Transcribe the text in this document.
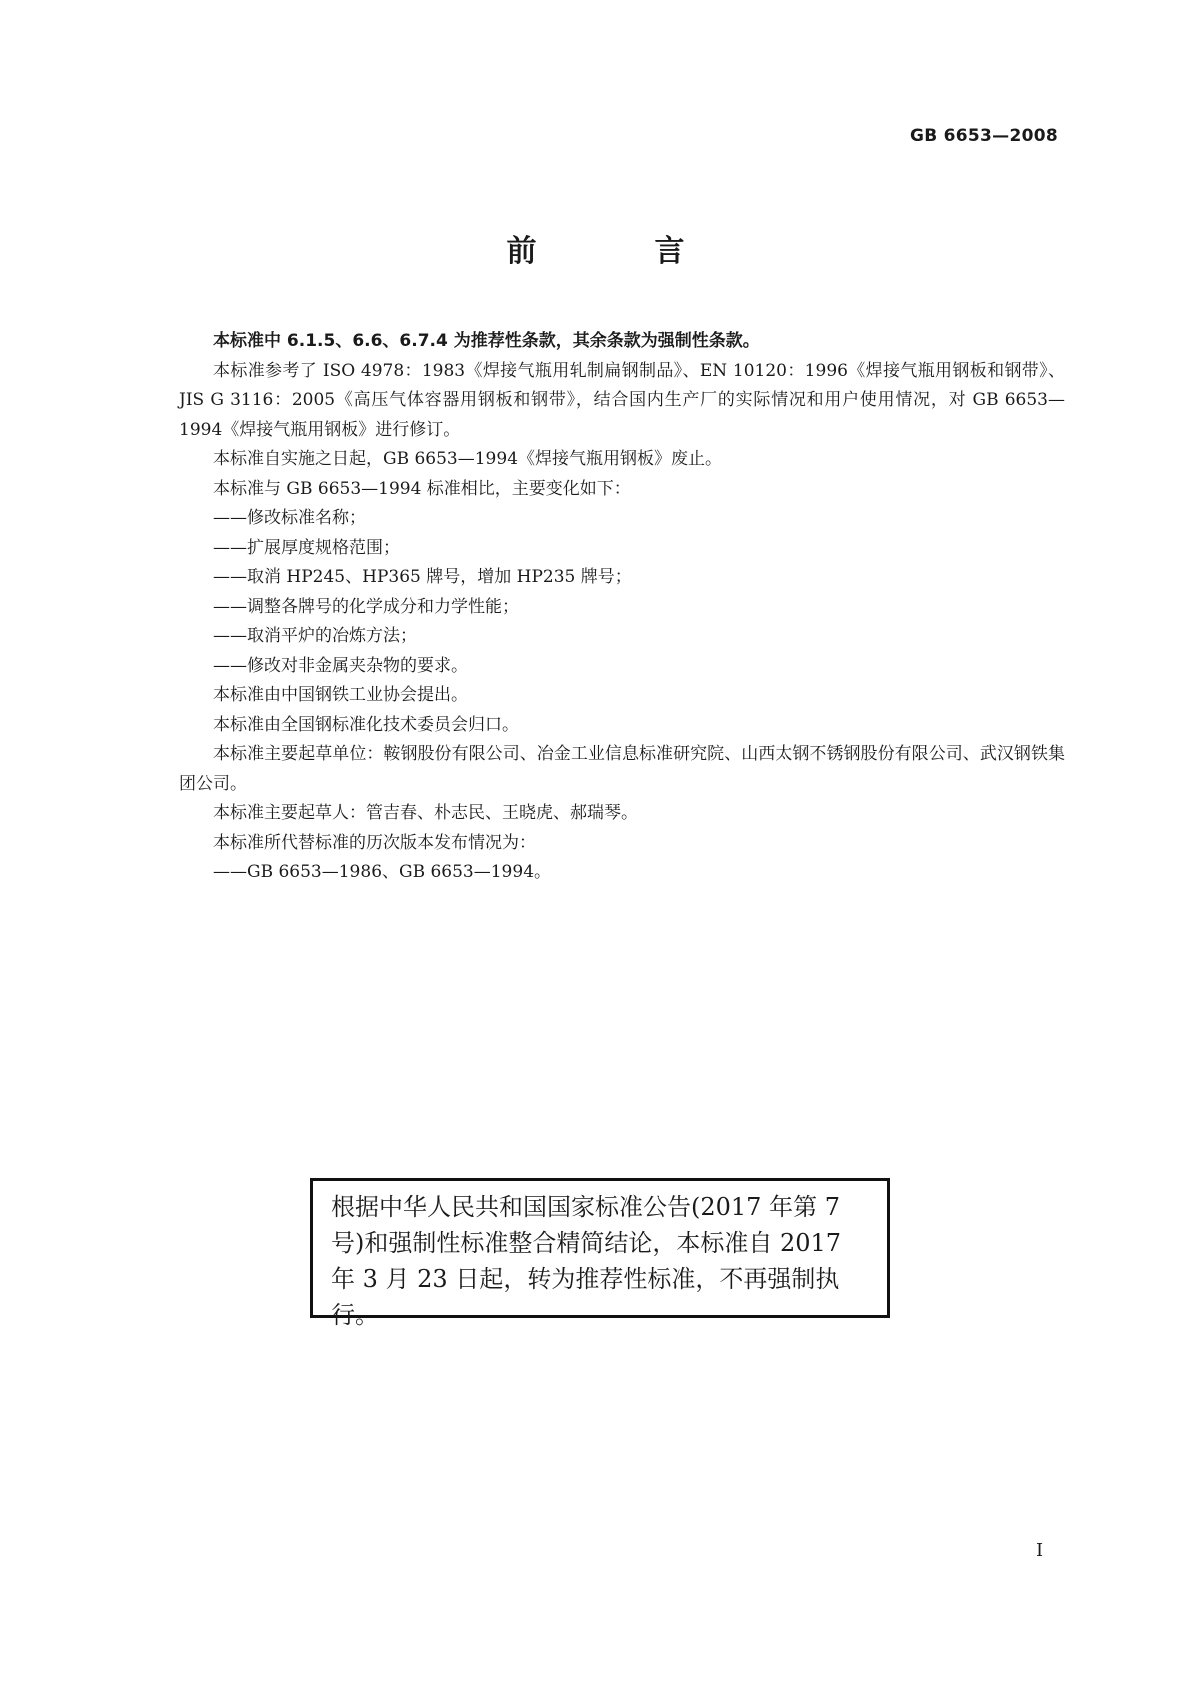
GB 6653—2008
前　言

本标准中 6.1.5、6.6、6.7.4 为推荐性条款，其余条款为强制性条款。

本标准参考了 ISO 4978：1983《焊接气瓶用轧制扁钢制品》、EN 10120：1996《焊接气瓶用钢板和钢带》、JIS G 3116：2005《高压气体容器用钢板和钢带》，结合国内生产厂的实际情况和用户使用情况，对 GB 6653—1994《焊接气瓶用钢板》进行修订。

本标准自实施之日起，GB 6653—1994《焊接气瓶用钢板》废止。

本标准与 GB 6653—1994 标准相比，主要变化如下：

——修改标准名称；

——扩展厚度规格范围；

——取消 HP245、HP365 牌号，增加 HP235 牌号；

——调整各牌号的化学成分和力学性能；

——取消平炉的冶炼方法；

——修改对非金属夹杂物的要求。

本标准由中国钢铁工业协会提出。

本标准由全国钢标准化技术委员会归口。

本标准主要起草单位：鞍钢股份有限公司、冶金工业信息标准研究院、山西太钢不锈钢股份有限公司、武汉钢铁集团公司。

本标准主要起草人：管吉春、朴志民、王晓虎、郝瑞琴。

本标准所代替标准的历次版本发布情况为：

——GB 6653—1986、GB 6653—1994。

根据中华人民共和国国家标准公告(2017 年第 7
号)和强制性标准整合精简结论，本标准自 2017
年 3 月 23 日起，转为推荐性标准，不再强制执行。
I
